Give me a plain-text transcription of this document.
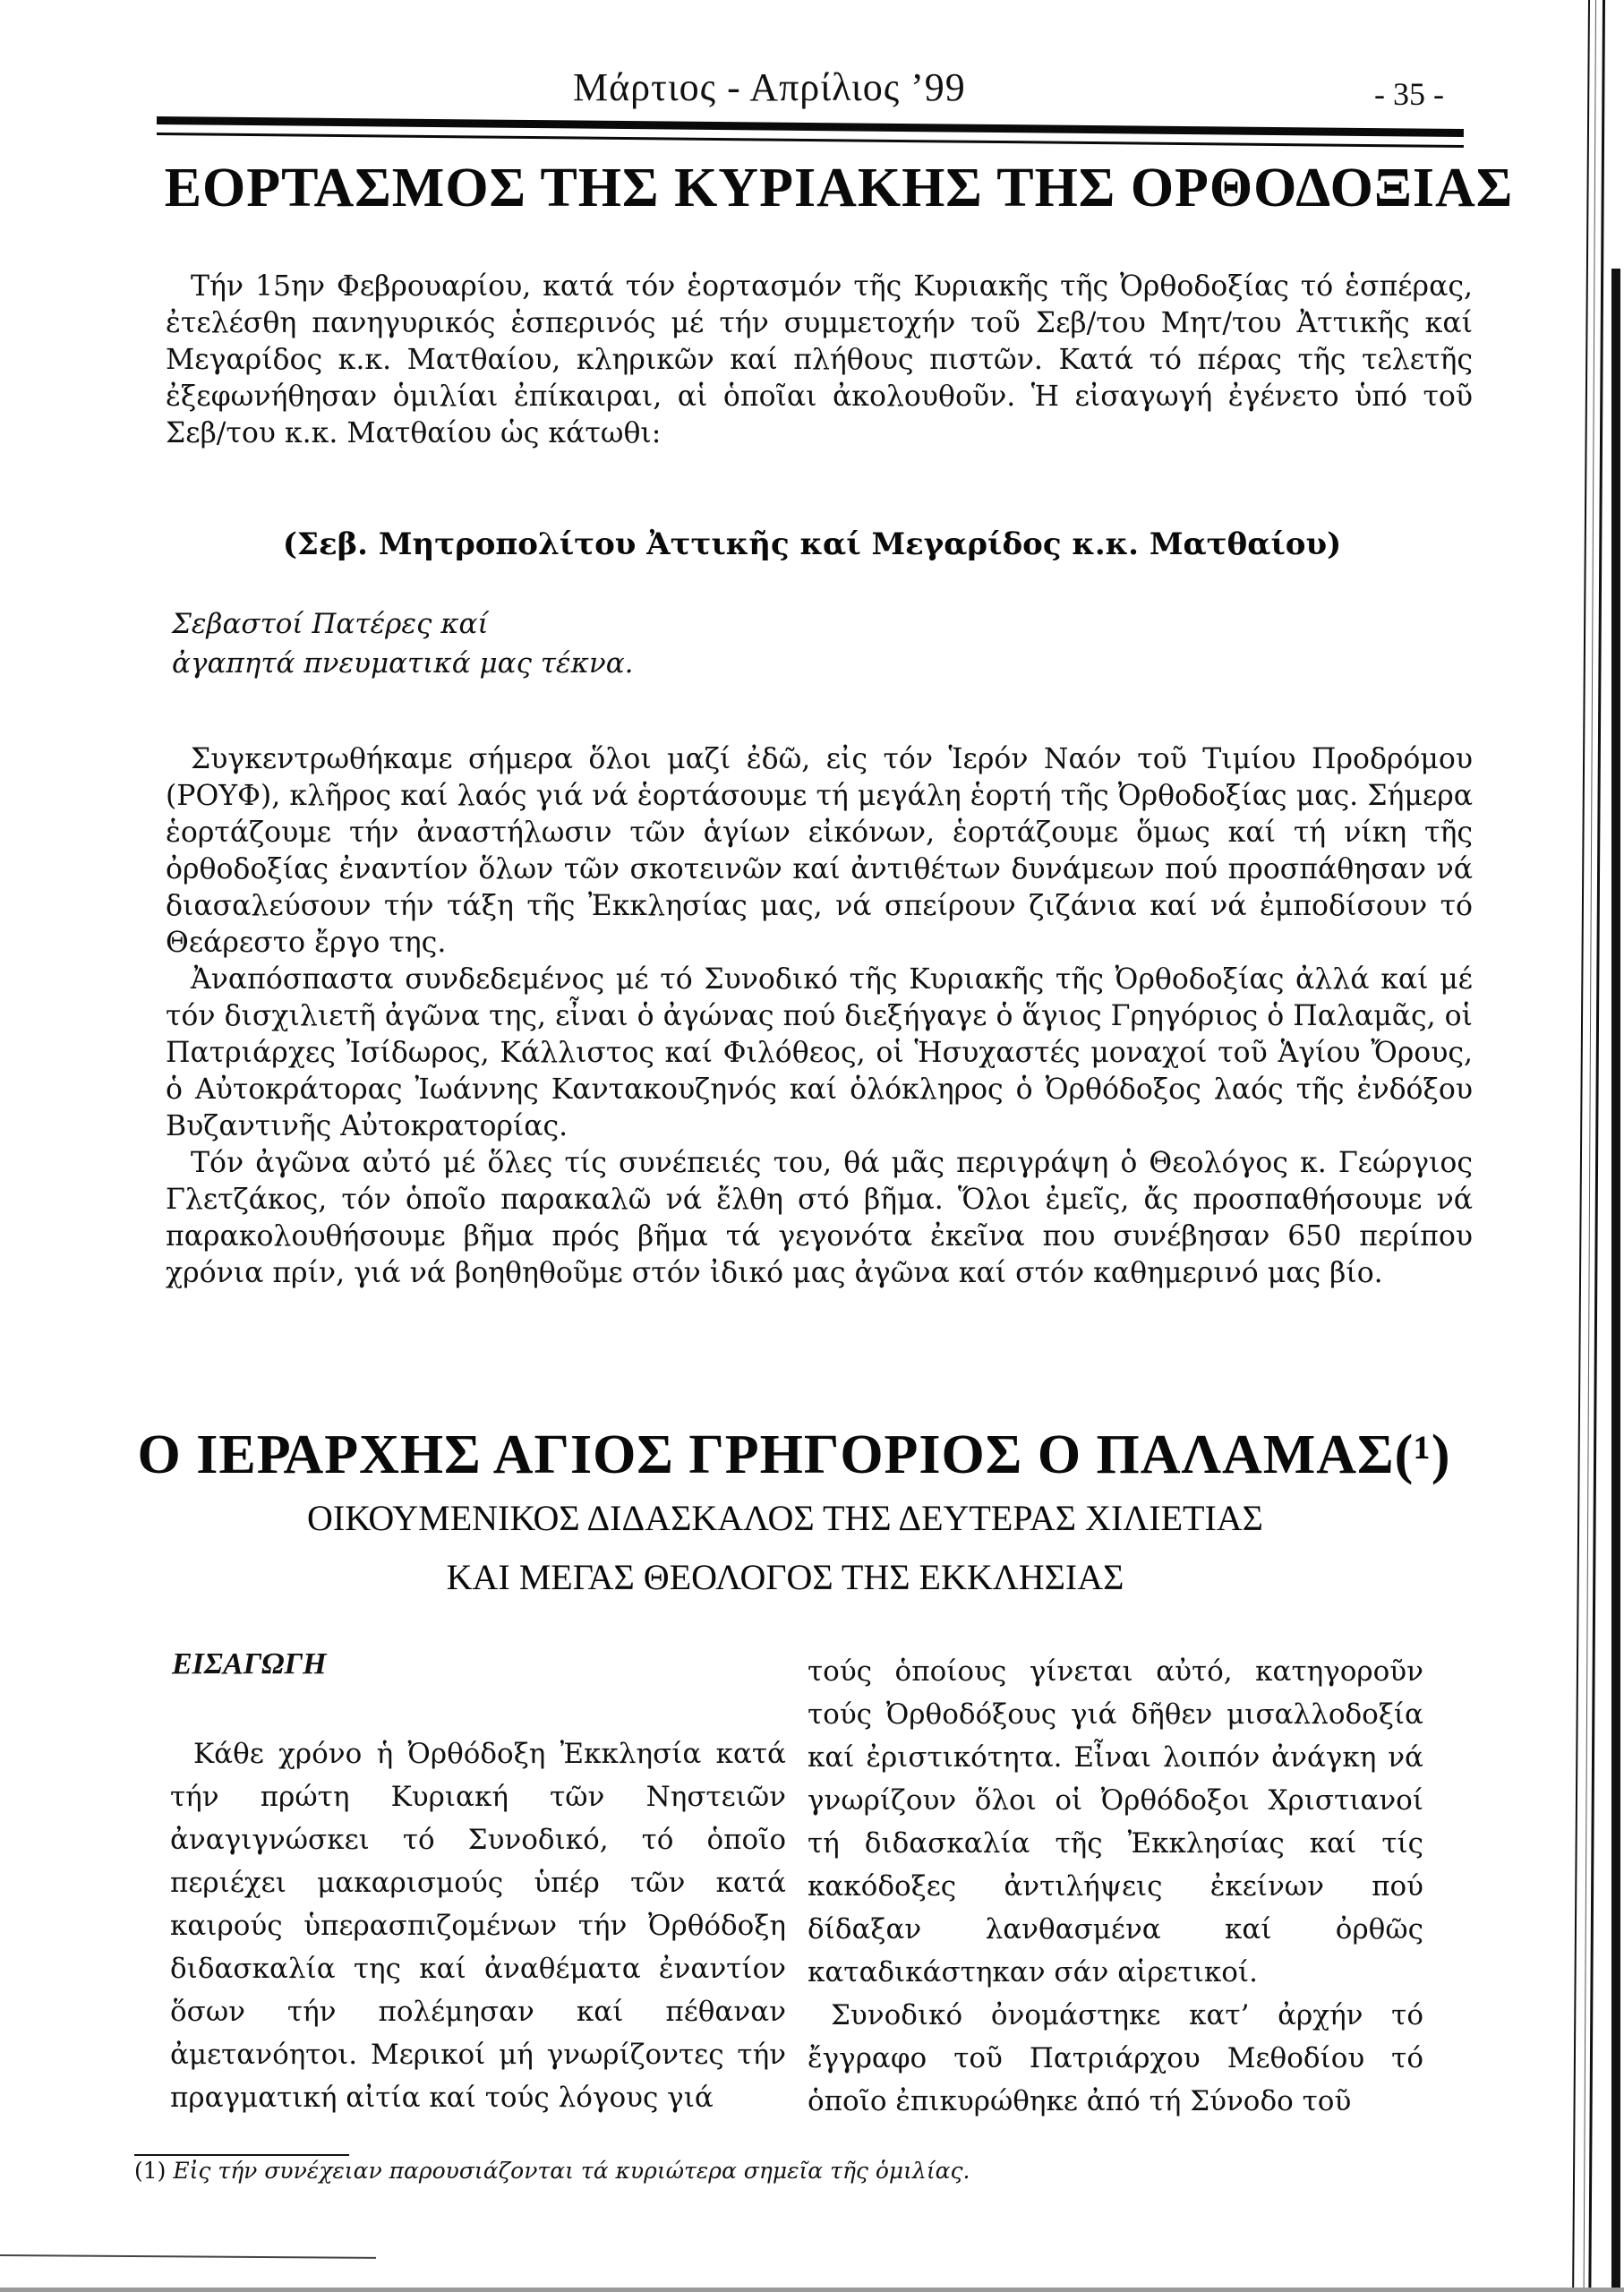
Μάρτιος - Απρίλιος ’99	- 35 -
ΕΟΡΤΑΣΜΟΣ ΤΗΣ ΚΥΡΙΑΚΗΣ ΤΗΣ ΟΡΘΟΔΟΞΙΑΣ

Τήν 15ην Φεβρουαρίου, κατά τόν ἑορτασμόν τῆς Κυριακῆς τῆς Ὀρθοδοξίας τό ἑσπέρας, ἐτελέσθη πανηγυρικός ἑσπερινός μέ τήν συμμετοχήν τοῦ Σεβ/του Μητ/του Ἀττικῆς καί Μεγαρίδος κ.κ. Ματθαίου, κληρικῶν καί πλήθους πιστῶν. Κατά τό πέρας τῆς τελετῆς ἐξεφωνήθησαν ὁμιλίαι ἐπίκαιραι, αἱ ὁποῖαι ἀκολουθοῦν. Ἡ εἰσαγωγή ἐγένετο ὑπό τοῦ Σεβ/του κ.κ. Ματθαίου ὡς κάτωθι:

(Σεβ. Μητροπολίτου Ἀττικῆς καί Μεγαρίδος κ.κ. Ματθαίου)
Σεβαστοί Πατέρες καί
ἀγαπητά πνευματικά μας τέκνα.

Συγκεντρωθήκαμε σήμερα ὅλοι μαζί ἐδῶ, εἰς τόν Ἱερόν Ναόν τοῦ Τιμίου Προδρόμου (ΡΟΥΦ), κλῆρος καί λαός γιά νά ἑορτάσουμε τή μεγάλη ἑορτή τῆς Ὀρθοδοξίας μας. Σήμερα ἑορτάζουμε τήν ἀναστήλωσιν τῶν ἁγίων εἰκόνων, ἑορτάζουμε ὅμως καί τή νίκη τῆς ὀρθοδοξίας ἐναντίον ὅλων τῶν σκοτεινῶν καί ἀντιθέτων δυνάμεων πού προσπάθησαν νά διασαλεύσουν τήν τάξη τῆς Ἐκκλησίας μας, νά σπείρουν ζιζάνια καί νά ἐμποδίσουν τό Θεάρεστο ἔργο της.

Ἀναπόσπαστα συνδεδεμένος μέ τό Συνοδικό τῆς Κυριακῆς τῆς Ὀρθοδοξίας ἀλλά καί μέ τόν δισχιλιετῆ ἀγῶνα της, εἶναι ὁ ἀγώνας πού διεξήγαγε ὁ ἅγιος Γρηγόριος ὁ Παλαμᾶς, οἱ Πατριάρχες Ἰσίδωρος, Κάλλιστος καί Φιλόθεος, οἱ Ἡσυχαστές μοναχοί τοῦ Ἁγίου Ὄρους, ὁ Αὐτοκράτορας Ἰωάννης Καντακουζηνός καί ὁλόκληρος ὁ Ὀρθόδοξος λαός τῆς ἐνδόξου Βυζαντινῆς Αὐτοκρατορίας.

Τόν ἀγῶνα αὐτό μέ ὅλες τίς συνέπειές του, θά μᾶς περιγράψη ὁ Θεολόγος κ. Γεώργιος Γλετζάκος, τόν ὁποῖο παρακαλῶ νά ἔλθη στό βῆμα. Ὅλοι ἐμεῖς, ἄς προσπαθήσουμε νά παρακολουθήσουμε βῆμα πρός βῆμα τά γεγονότα ἐκεῖνα που συνέβησαν 650 περίπου χρόνια πρίν, γιά νά βοηθηθοῦμε στόν ἰδικό μας ἀγῶνα καί στόν καθημερινό μας βίο.

Ο ΙΕΡΑΡΧΗΣ ΑΓΙΟΣ ΓΡΗΓΟΡΙΟΣ Ο ΠΑΛΑΜΑΣ(¹)
ΟΙΚΟΥΜΕΝΙΚΟΣ ΔΙΔΑΣΚΑΛΟΣ ΤΗΣ ΔΕΥΤΕΡΑΣ ΧΙΛΙΕΤΙΑΣ
ΚΑΙ ΜΕΓΑΣ ΘΕΟΛΟΓΟΣ ΤΗΣ ΕΚΚΛΗΣΙΑΣ
ΕΙΣΑΓΩΓΗ

Κάθε χρόνο ἡ Ὀρθόδοξη Ἐκκλησία κατά τήν πρώτη Κυριακή τῶν Νηστειῶν ἀναγιγνώσκει τό Συνοδικό, τό ὁποῖο περιέχει μακαρισμούς ὑπέρ τῶν κατά καιρούς ὑπερασπιζομένων τήν Ὀρθόδοξη διδασκαλία της καί ἀναθέματα ἐναντίον ὅσων τήν πολέμησαν καί πέθαναν ἀμετανόητοι. Μερικοί μή γνωρίζοντες τήν πραγματική αἰτία καί τούς λόγους γιά

τούς ὁποίους γίνεται αὐτό, κατηγοροῦν τούς Ὀρθοδόξους γιά δῆθεν μισαλλοδοξία καί ἐριστικότητα. Εἶναι λοιπόν ἀνάγκη νά γνωρίζουν ὅλοι οἱ Ὀρθόδοξοι Χριστιανοί τή διδασκαλία τῆς Ἐκκλησίας καί τίς κακόδοξες ἀντιλήψεις ἐκείνων πού δίδαξαν λανθασμένα καί ὀρθῶς καταδικάστηκαν σάν αἱρετικοί.

Συνοδικό ὀνομάστηκε κατ’ ἀρχήν τό ἔγγραφο τοῦ Πατριάρχου Μεθοδίου τό ὁποῖο ἐπικυρώθηκε ἀπό τή Σύνοδο τοῦ

(1) Εἰς τήν συνέχειαν παρουσιάζονται τά κυριώτερα σημεῖα τῆς ὁμιλίας.
